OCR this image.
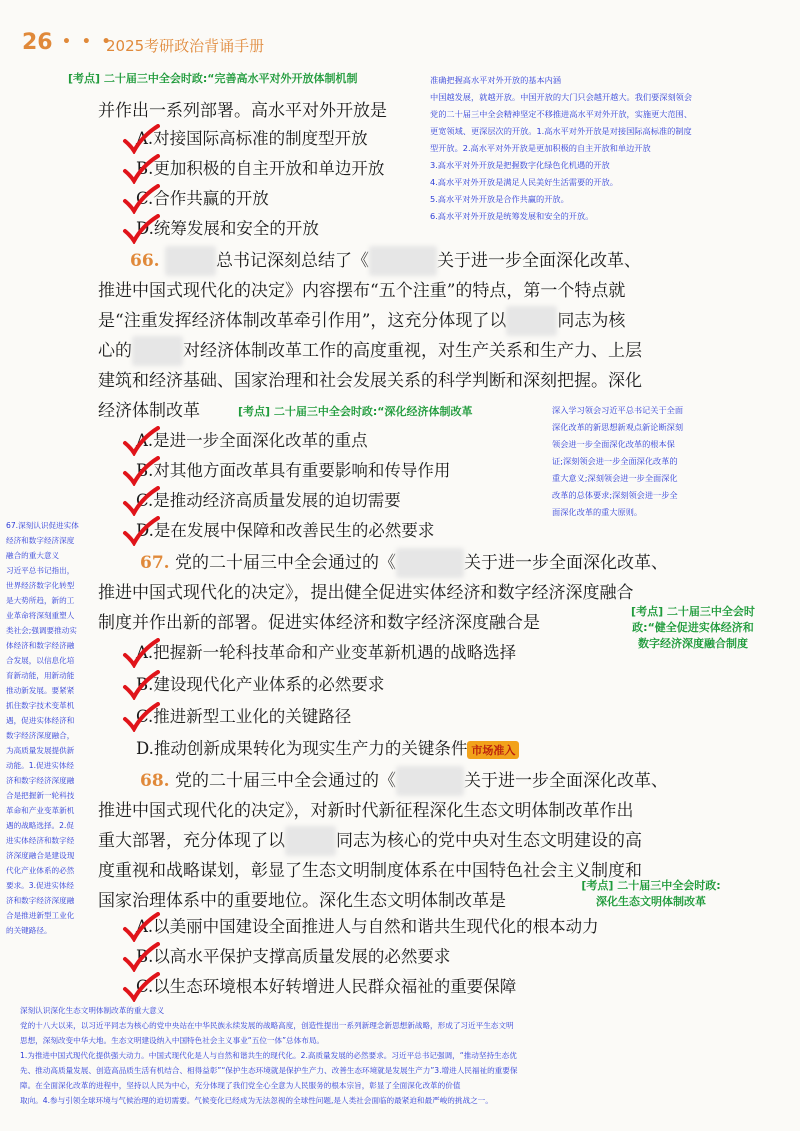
26 • • •
2025考研政治背诵手册
[考点] 二十届三中全会时政:“完善高水平对外开放体制机制	准确把握高水平对外开放的基本内涵
中国越发展，就越开放。中国开放的大门只会越开越大。我们要深刻领会
党的二十届三中全会精神坚定不移推进高水平对外开放，实施更大范围、
更宽领域、更深层次的开放。1.高水平对外开放是对接国际高标准的制度
型开放。2.高水平对外开放是更加积极的自主开放和单边开放
3.高水平对外开放是把握数字化绿色化机遇的开放
4.高水平对外开放是满足人民美好生活需要的开放。
5.高水平对外开放是合作共赢的开放。
6.高水平对外开放是统筹发展和安全的开放。
并作出一系列部署。高水平对外开放是
A.对接国际高标准的制度型开放
B.更加积极的自主开放和单边开放
C.合作共赢的开放
D.统筹发展和安全的开放
66.	总书记深刻总结了《	关于进一步全面深化改革、
推进中国式现代化的决定》内容摆布“五个注重”的特点，第一个特点就
是“注重发挥经济体制改革牵引作用”，这充分体现了以	同志为核
心的	对经济体制改革工作的高度重视，对生产关系和生产力、上层
建筑和经济基础、国家治理和社会发展关系的科学判断和深刻把握。深化
经济体制改革	[考点] 二十届三中全会时政:“深化经济体制改革	深入学习领会习近平总书记关于全面
深化改革的新思想新观点新论断深刻
领会进一步全面深化改革的根本保
证;深刻领会进一步全面深化改革的
重大意义;深刻领会进一步全面深化
改革的总体要求;深刻领会进一步全
面深化改革的重大原则。
A.是进一步全面深化改革的重点
B.对其他方面改革具有重要影响和传导作用
C.是推动经济高质量发展的迫切需要
D.是在发展中保障和改善民生的必然要求
67.深刻认识促进实体
经济和数字经济深度
融合的重大意义
习近平总书记指出，
世界经济数字化转型
是大势所趋，新的工
业革命将深刻重塑人
类社会;强调要推动实
体经济和数字经济融
合发展，以信息化培
育新动能，用新动能
推动新发展。要紧紧
抓住数字技术变革机
遇，促进实体经济和
数字经济深度融合，
为高质量发展提供新
动能。1.促进实体经
济和数字经济深度融
合是把握新一轮科技
革命和产业变革新机
遇的战略选择。2.促
进实体经济和数字经
济深度融合是建设现
代化产业体系的必然
要求。3.促进实体经
济和数字经济深度融
合是推进新型工业化
的关键路径。
67. 党的二十届三中全会通过的《	关于进一步全面深化改革、
推进中国式现代化的决定》，提出健全促进实体经济和数字经济深度融合
制度并作出新的部署。促进实体经济和数字经济深度融合是
[考点] 二十届三中全会时
政:“健全促进实体经济和
数字经济深度融合制度
A.把握新一轮科技革命和产业变革新机遇的战略选择
B.建设现代化产业体系的必然要求
C.推进新型工业化的关键路径
D.推动创新成果转化为现实生产力的关键条件 市场准入
68. 党的二十届三中全会通过的《	关于进一步全面深化改革、
推进中国式现代化的决定》，对新时代新征程深化生态文明体制改革作出
重大部署，充分体现了以	同志为核心的党中央对生态文明建设的高
度重视和战略谋划，彰显了生态文明制度体系在中国特色社会主义制度和
国家治理体系中的重要地位。深化生态文明体制改革是
[考点] 二十届三中全会时政:
深化生态文明体制改革
A.以美丽中国建设全面推进人与自然和谐共生现代化的根本动力
B.以高水平保护支撑高质量发展的必然要求
C.以生态环境根本好转增进人民群众福祉的重要保障
深刻认识深化生态文明体制改革的重大意义
党的十八大以来，以习近平同志为核心的党中央站在中华民族永续发展的战略高度，创造性提出一系列新理念新思想新战略，形成了习近平生态文明
思想，深刻改变中华大地。生态文明建设纳入中国特色社会主义事业“五位一体”总体布局。
1.为推进中国式现代化提供强大动力。中国式现代化是人与自然和谐共生的现代化。2.高质量发展的必然要求。习近平总书记强调，“推动坚持生态优
先、推动高质量发展、创造高品质生活有机结合、相得益彰”“保护生态环境就是保护生产力、改善生态环境就是发展生产力”3.增进人民福祉的重要保
障。在全面深化改革的进程中，坚持以人民为中心，充分体现了我们党全心全意为人民服务的根本宗旨，彰显了全面深化改革的价值
取向。4.参与引领全球环境与气候治理的迫切需要。气候变化已经成为无法忽视的全球性问题,是人类社会面临的最紧迫和最严峻的挑战之一。
